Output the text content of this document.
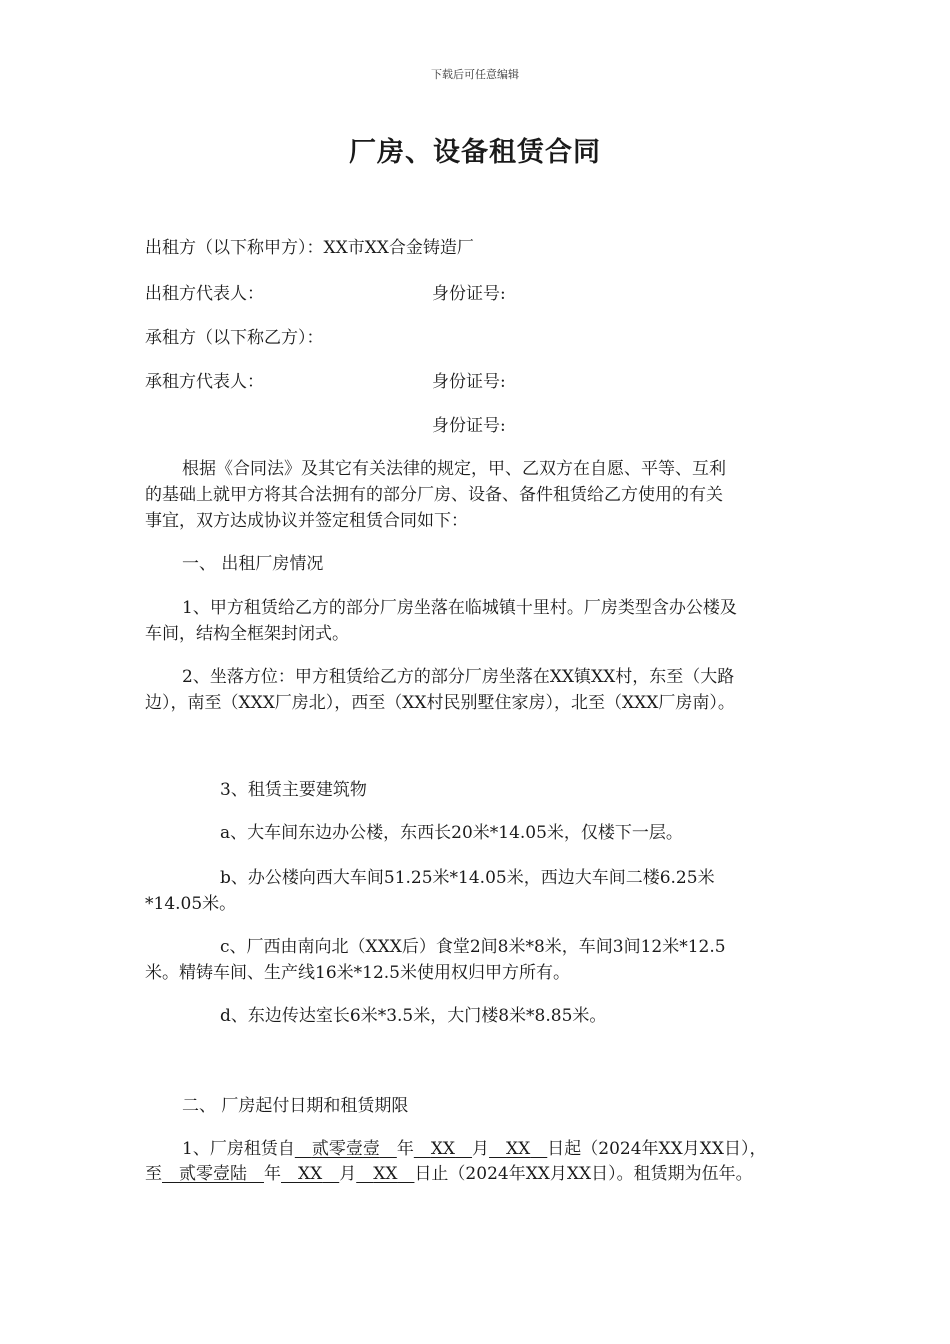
下载后可任意编辑
厂房、设备租赁合同
出租方（以下称甲方）：XX市XX合金铸造厂
出租方代表人：	身份证号:
承租方（以下称乙方）：
承租方代表人：	身份证号:
身份证号:
根据《合同法》及其它有关法律的规定，甲、乙双方在自愿、平等、互利
的基础上就甲方将其合法拥有的部分厂房、设备、备件租赁给乙方使用的有关
事宜，双方达成协议并签定租赁合同如下：
一、 出租厂房情况
1、甲方租赁给乙方的部分厂房坐落在临城镇十里村。厂房类型含办公楼及
车间，结构全框架封闭式。
2、坐落方位：甲方租赁给乙方的部分厂房坐落在XX镇XX村，东至（大路
边），南至（XXX厂房北），西至（XX村民别墅住家房），北至（XXX厂房南）。
3、租赁主要建筑物
a、大车间东边办公楼，东西长20米*14.05米，仅楼下一层。
b、办公楼向西大车间51.25米*14.05米，西边大车间二楼6.25米
*14.05米。
c、厂西由南向北（XXX后）食堂2间8米*8米，车间3间12米*12.5
米。精铸车间、生产线16米*12.5米使用权归甲方所有。
d、东边传达室长6米*3.5米，大门楼8米*8.85米。
二、 厂房起付日期和租赁期限
1、厂房租赁自  贰零壹壹  年  XX  月  XX  日起（2024年XX月XX日），
至  贰零壹陆  年  XX  月  XX  日止（2024年XX月XX日）。租赁期为伍年。
